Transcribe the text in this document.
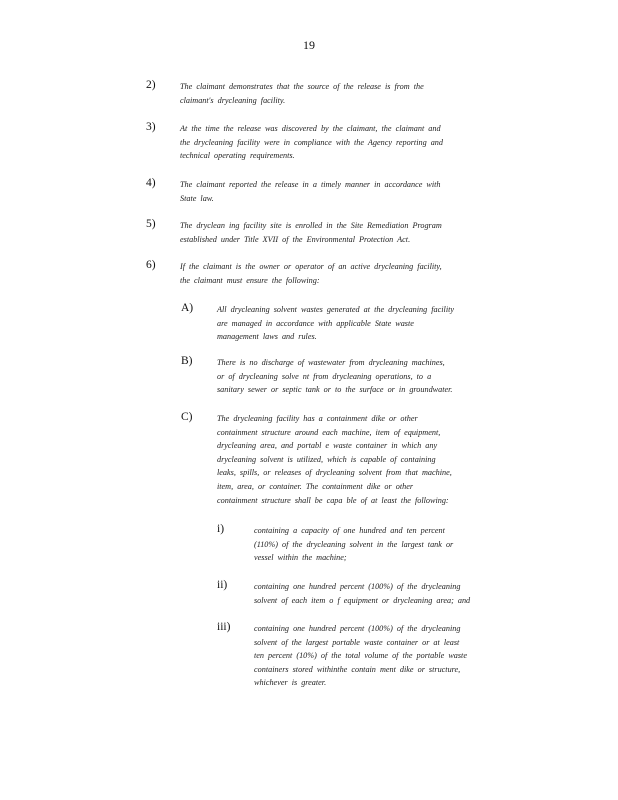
19
2)	The claimant demonstrates that the source of the release is from the
claimant's drycleaning facility.
3)	At the time the release was discovered by the claimant, the claimant and
the drycleaning facility were in compliance with the Agency reporting and
technical operating requirements.
4)	The claimant reported the release in a timely manner in accordance with
State law.
5)	The dryclean ing facility site is enrolled in the Site Remediation Program
established under Title XVII of the Environmental Protection Act.
6)	If the claimant is the owner or operator of an active drycleaning facility,
the claimant must ensure the following:
A)	All drycleaning solvent wastes generated at the drycleaning facility
are managed in accordance with applicable State waste
management laws and rules.
B)	There is no discharge of wastewater from drycleaning machines,
or of drycleaning solve nt from drycleaning operations, to a
sanitary sewer or septic tank or to the surface or in groundwater.
C)	The drycleaning facility has a containment dike or other
containment structure around each machine, item of equipment,
drycleaning area, and portabl e waste container in which any
drycleaning solvent is utilized, which is capable of containing
leaks, spills, or releases of drycleaning solvent from that machine,
item, area, or container. The containment dike or other
containment structure shall be capa ble of at least the following:
i)	containing a capacity of one hundred and ten percent
(110%) of the drycleaning solvent in the largest tank or
vessel within the machine;
ii)	containing one hundred percent (100%) of the drycleaning
solvent of each item o f equipment or drycleaning area; and
iii)	containing one hundred percent (100%) of the drycleaning
solvent of the largest portable waste container or at least
ten percent (10%) of the total volume of the portable waste
containers stored withinthe contain ment dike or structure,
whichever is greater.
